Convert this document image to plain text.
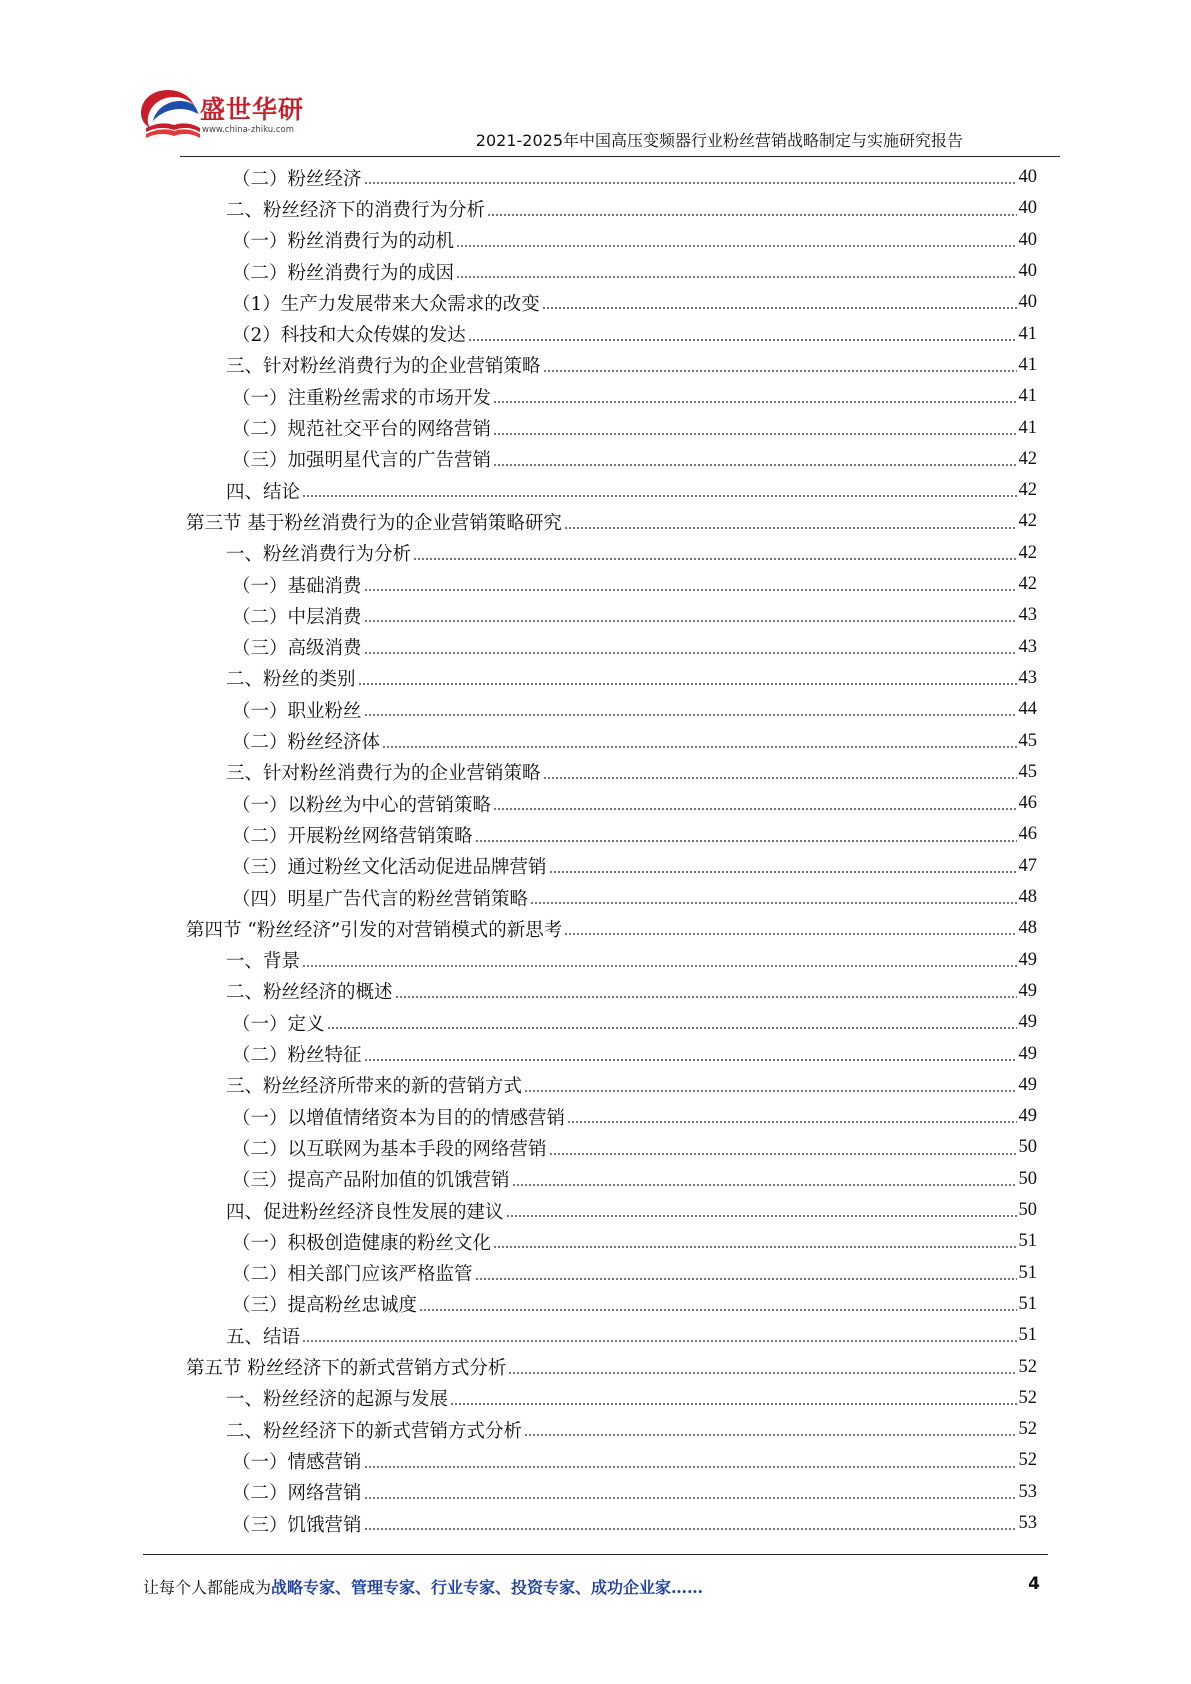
盛世华研
www.china-zhiku.com
2021-2025年中国高压变频器行业粉丝营销战略制定与实施研究报告
（二）粉丝经济	40
二、粉丝经济下的消费行为分析	40
（一）粉丝消费行为的动机	40
（二）粉丝消费行为的成因	40
（1）生产力发展带来大众需求的改变	40
（2）科技和大众传媒的发达	41
三、针对粉丝消费行为的企业营销策略	41
（一）注重粉丝需求的市场开发	41
（二）规范社交平台的网络营销	41
（三）加强明星代言的广告营销	42
四、结论	42
第三节 基于粉丝消费行为的企业营销策略研究	42
一、粉丝消费行为分析	42
（一）基础消费	42
（二）中层消费	43
（三）高级消费	43
二、粉丝的类别	43
（一）职业粉丝	44
（二）粉丝经济体	45
三、针对粉丝消费行为的企业营销策略	45
（一）以粉丝为中心的营销策略	46
（二）开展粉丝网络营销策略	46
（三）通过粉丝文化活动促进品牌营销	47
（四）明星广告代言的粉丝营销策略	48
第四节 “粉丝经济”引发的对营销模式的新思考	48
一、背景	49
二、粉丝经济的概述	49
（一）定义	49
（二）粉丝特征	49
三、粉丝经济所带来的新的营销方式	49
（一）以增值情绪资本为目的的情感营销	49
（二）以互联网为基本手段的网络营销	50
（三）提高产品附加值的饥饿营销	50
四、促进粉丝经济良性发展的建议	50
（一）积极创造健康的粉丝文化	51
（二）相关部门应该严格监管	51
（三）提高粉丝忠诚度	51
五、结语	51
第五节 粉丝经济下的新式营销方式分析	52
一、粉丝经济的起源与发展	52
二、粉丝经济下的新式营销方式分析	52
（一）情感营销	52
（二）网络营销	53
（三）饥饿营销	53
让每个人都能成为战略专家、管理专家、行业专家、投资专家、成功企业家……	4
